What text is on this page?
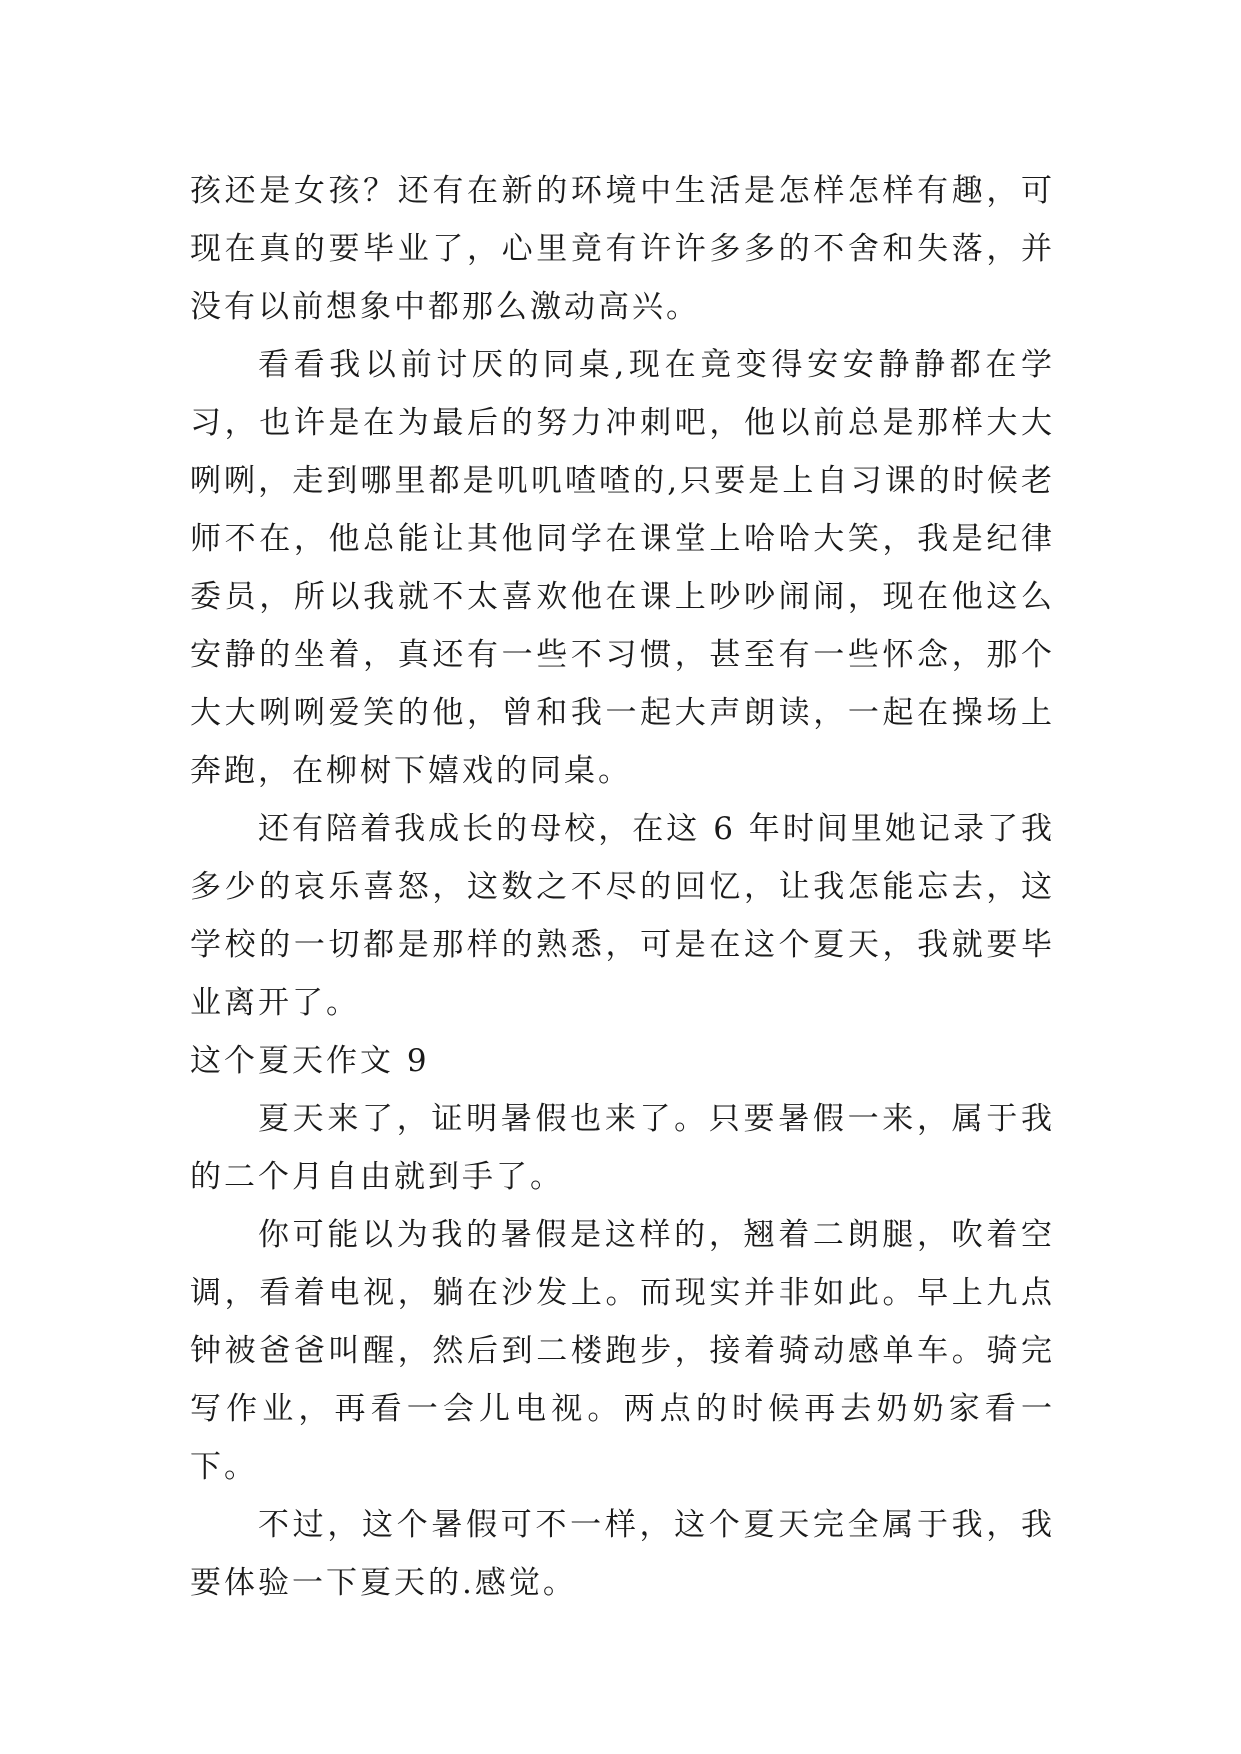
孩还是女孩？还有在新的环境中生活是怎样怎样有趣，可现在真的要毕业了，心里竟有许许多多的不舍和失落，并没有以前想象中都那么激动高兴。

看看我以前讨厌的同桌,现在竟变得安安静静都在学习，也许是在为最后的努力冲刺吧，他以前总是那样大大咧咧，走到哪里都是叽叽喳喳的,只要是上自习课的时候老师不在，他总能让其他同学在课堂上哈哈大笑，我是纪律委员，所以我就不太喜欢他在课上吵吵闹闹，现在他这么安静的坐着，真还有一些不习惯，甚至有一些怀念，那个大大咧咧爱笑的他，曾和我一起大声朗读，一起在操场上奔跑，在柳树下嬉戏的同桌。

还有陪着我成长的母校，在这 6 年时间里她记录了我多少的哀乐喜怒，这数之不尽的回忆，让我怎能忘去，这学校的一切都是那样的熟悉，可是在这个夏天，我就要毕业离开了。

这个夏天作文 9

夏天来了，证明暑假也来了。只要暑假一来，属于我的二个月自由就到手了。

你可能以为我的暑假是这样的，翘着二朗腿，吹着空调，看着电视，躺在沙发上。而现实并非如此。早上九点钟被爸爸叫醒，然后到二楼跑步，接着骑动感单车。骑完写作业，再看一会儿电视。两点的时候再去奶奶家看一下。

不过，这个暑假可不一样，这个夏天完全属于我，我要体验一下夏天的.感觉。
